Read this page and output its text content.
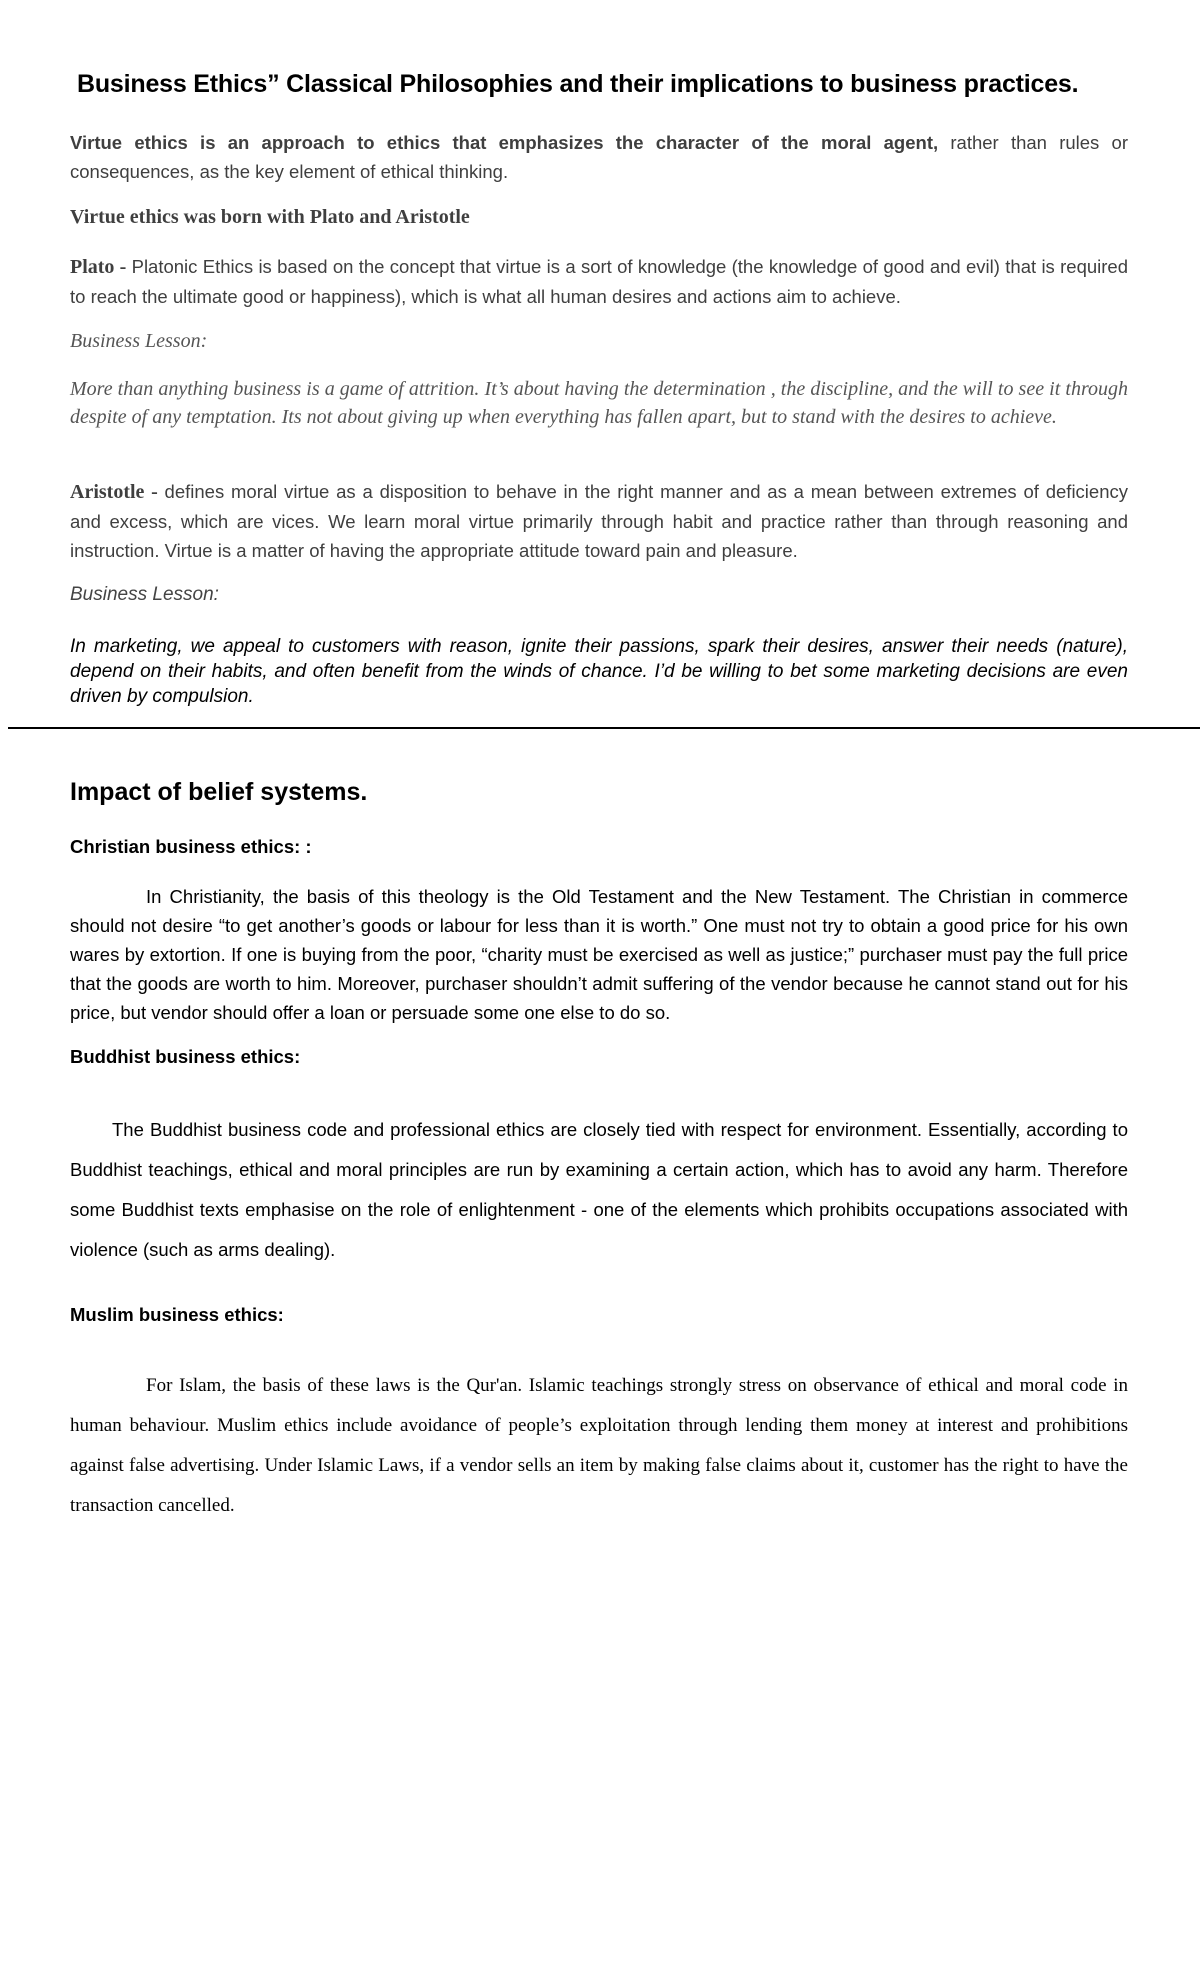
Business Ethics” Classical Philosophies and their implications to business practices.

Virtue ethics is an approach to ethics that emphasizes the character of the moral agent, rather than rules or consequences, as the key element of ethical thinking.

Virtue ethics was born with Plato and Aristotle

Plato - Platonic Ethics is based on the concept that virtue is a sort of knowledge (the knowledge of good and evil) that is required to reach the ultimate good or happiness), which is what all human desires and actions aim to achieve.

Business Lesson:

More than anything business is a game of attrition. It’s about having the determination , the discipline, and the will to see it through despite of any temptation. Its not about giving up when everything has fallen apart, but to stand with the desires to achieve.

Aristotle - defines moral virtue as a disposition to behave in the right manner and as a mean between extremes of deficiency and excess, which are vices. We learn moral virtue primarily through habit and practice rather than through reasoning and instruction. Virtue is a matter of having the appropriate attitude toward pain and pleasure.

Business Lesson:

In marketing, we appeal to customers with reason, ignite their passions, spark their desires, answer their needs (nature), depend on their habits, and often benefit from the winds of chance. I’d be willing to bet some marketing decisions are even driven by compulsion.

Impact of belief systems.

Christian business ethics: :

In Christianity, the basis of this theology is the Old Testament and the New Testament. The Christian in commerce should not desire “to get another’s goods or labour for less than it is worth.” One must not try to obtain a good price for his own wares by extortion. If one is buying from the poor, “charity must be exercised as well as justice;” purchaser must pay the full price that the goods are worth to him. Moreover, purchaser shouldn’t admit suffering of the vendor because he cannot stand out for his price, but vendor should offer a loan or persuade some one else to do so.

Buddhist business ethics:

The Buddhist business code and professional ethics are closely tied with respect for environment. Essentially, according to Buddhist teachings, ethical and moral principles are run by examining a certain action, which has to avoid any harm. Therefore some Buddhist texts emphasise on the role of enlightenment - one of the elements which prohibits occupations associated with violence (such as arms dealing).

Muslim business ethics:

For Islam, the basis of these laws is the Qur'an. Islamic teachings strongly stress on observance of ethical and moral code in human behaviour. Muslim ethics include avoidance of people’s exploitation through lending them money at interest and prohibitions against false advertising. Under Islamic Laws, if a vendor sells an item by making false claims about it, customer has the right to have the transaction cancelled.
